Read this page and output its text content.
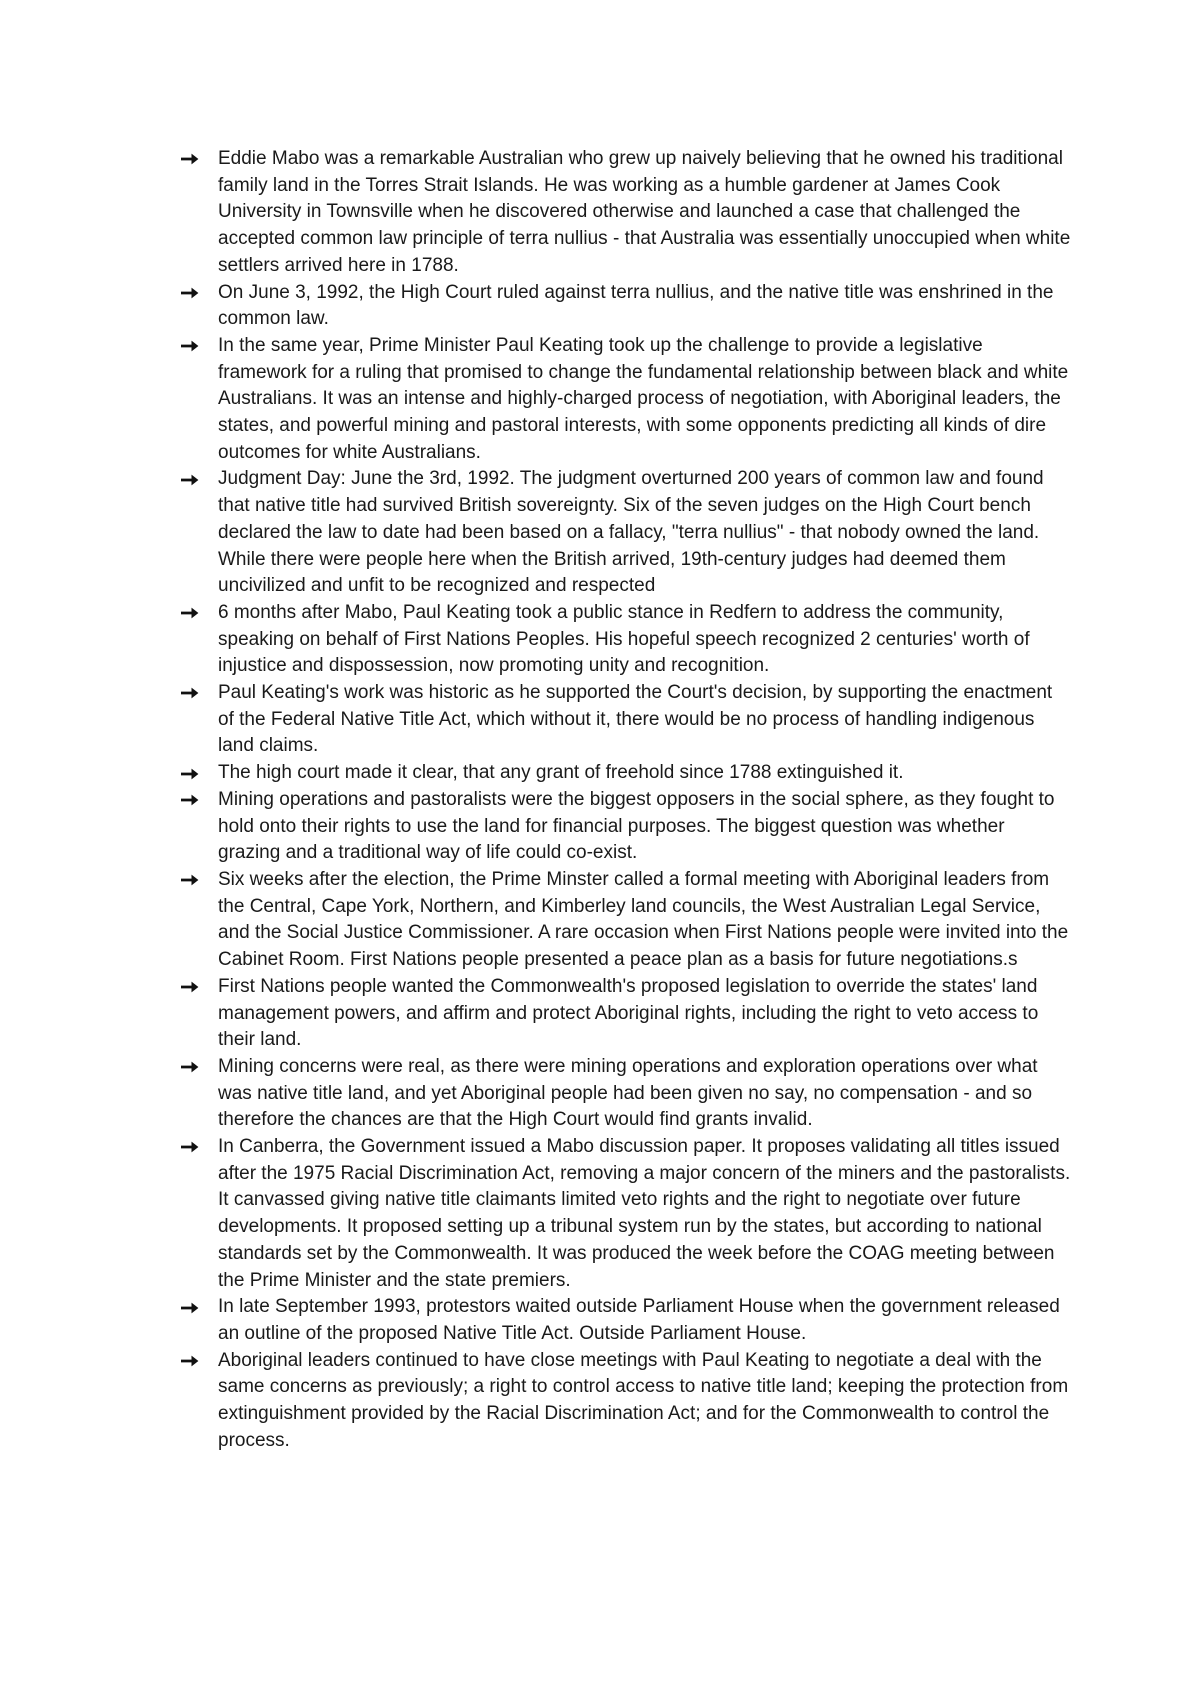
Eddie Mabo was a remarkable Australian who grew up naively believing that he owned his traditional family land in the Torres Strait Islands. He was working as a humble gardener at James Cook University in Townsville when he discovered otherwise and launched a case that challenged the accepted common law principle of terra nullius - that Australia was essentially unoccupied when white settlers arrived here in 1788.
On June 3, 1992, the High Court ruled against terra nullius, and the native title was enshrined in the common law.
In the same year, Prime Minister Paul Keating took up the challenge to provide a legislative framework for a ruling that promised to change the fundamental relationship between black and white Australians. It was an intense and highly-charged process of negotiation, with Aboriginal leaders, the states, and powerful mining and pastoral interests, with some opponents predicting all kinds of dire outcomes for white Australians.
Judgment Day: June the 3rd, 1992. The judgment overturned 200 years of common law and found that native title had survived British sovereignty. Six of the seven judges on the High Court bench declared the law to date had been based on a fallacy, "terra nullius" - that nobody owned the land. While there were people here when the British arrived, 19th-century judges had deemed them uncivilized and unfit to be recognized and respected
6 months after Mabo, Paul Keating took a public stance in Redfern to address the community, speaking on behalf of First Nations Peoples. His hopeful speech recognized 2 centuries' worth of injustice and dispossession, now promoting unity and recognition.
Paul Keating's work was historic as he supported the Court's decision, by supporting the enactment of the Federal Native Title Act, which without it, there would be no process of handling indigenous land claims.
The high court made it clear, that any grant of freehold since 1788 extinguished it.
Mining operations and pastoralists were the biggest opposers in the social sphere, as they fought to hold onto their rights to use the land for financial purposes. The biggest question was whether grazing and a traditional way of life could co-exist.
Six weeks after the election, the Prime Minster called a formal meeting with Aboriginal leaders from the Central, Cape York, Northern, and Kimberley land councils, the West Australian Legal Service, and the Social Justice Commissioner. A rare occasion when First Nations people were invited into the Cabinet Room. First Nations people presented a peace plan as a basis for future negotiations.s
First Nations people wanted the Commonwealth's proposed legislation to override the states' land management powers, and affirm and protect Aboriginal rights, including the right to veto access to their land.
Mining concerns were real, as there were mining operations and exploration operations over what was native title land, and yet Aboriginal people had been given no say, no compensation - and so therefore the chances are that the High Court would find grants invalid.
In Canberra, the Government issued a Mabo discussion paper. It proposes validating all titles issued after the 1975 Racial Discrimination Act, removing a major concern of the miners and the pastoralists. It canvassed giving native title claimants limited veto rights and the right to negotiate over future developments. It proposed setting up a tribunal system run by the states, but according to national standards set by the Commonwealth. It was produced the week before the COAG meeting between the Prime Minister and the state premiers.
In late September 1993, protestors waited outside Parliament House when the government released an outline of the proposed Native Title Act. Outside Parliament House.
Aboriginal leaders continued to have close meetings with Paul Keating to negotiate a deal with the same concerns as previously; a right to control access to native title land; keeping the protection from extinguishment provided by the Racial Discrimination Act; and for the Commonwealth to control the process.
